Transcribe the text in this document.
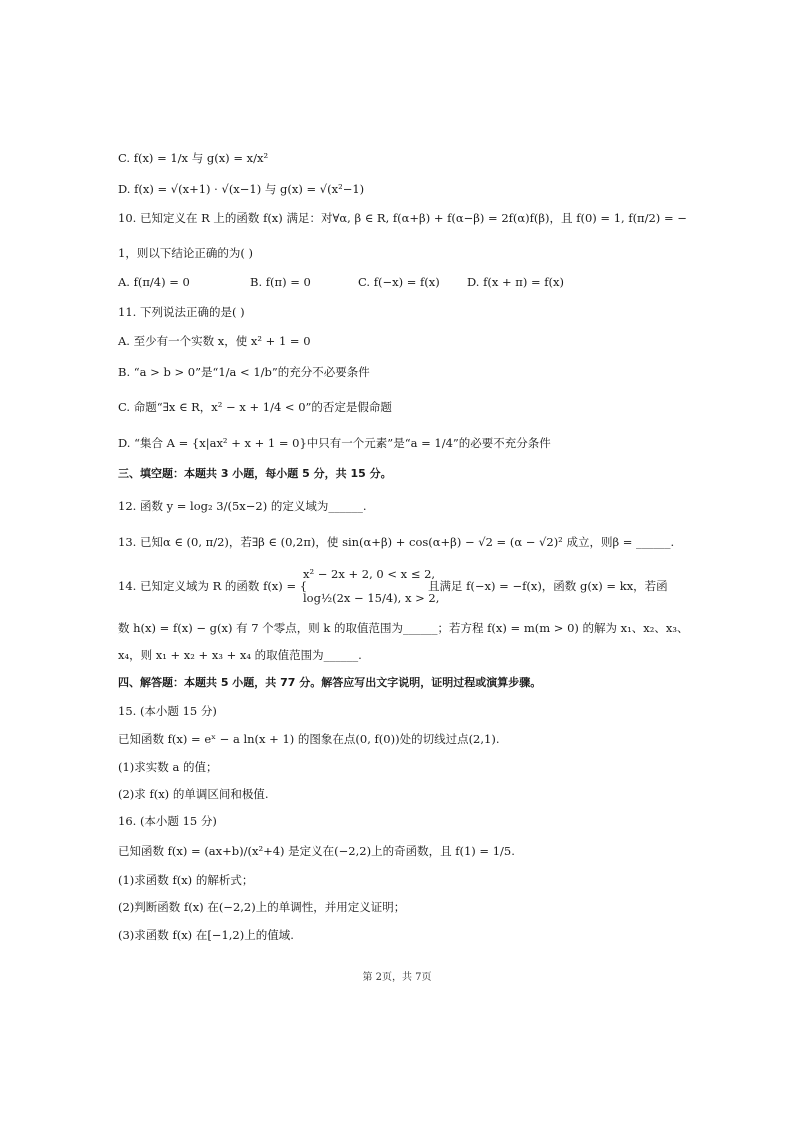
C. f(x) = 1/x 与 g(x) = x/x²
D. f(x) = √(x+1) · √(x−1) 与 g(x) = √(x²−1)
10. 已知定义在 R 上的函数 f(x) 满足：对∀α, β ∈ R, f(α+β) + f(α−β) = 2f(α)f(β)，且 f(0) = 1, f(π/2) = −
1，则以下结论正确的为( )
11. 下列说法正确的是( )
A. 至少有一个实数 x，使 x² + 1 = 0
B. “a > b > 0”是“1/a < 1/b”的充分不必要条件
C. 命题“∃x ∈ R，x² − x + 1/4 < 0”的否定是假命题
D. “集合 A = {x|ax² + x + 1 = 0}中只有一个元素”是“a = 1/4”的必要不充分条件
三、填空题：本题共 3 小题，每小题 5 分，共 15 分。
12. 函数 y = log₂ 3/(5x−2) 的定义域为______.
13. 已知α ∈ (0, π/2)，若∃β ∈ (0,2π)，使 sin(α+β) + cos(α+β) − √2 = (α − √2)² 成立，则β = ______.
x² − 2x + 2, 0 < x ≤ 2,
14. 已知定义域为 R 的函数 f(x) = {	且满足 f(−x) = −f(x)，函数 g(x) = kx，若函
log½(2x − 15/4), x > 2,
数 h(x) = f(x) − g(x) 有 7 个零点，则 k 的取值范围为______；若方程 f(x) = m(m > 0) 的解为 x₁、x₂、x₃、
x₄，则 x₁ + x₂ + x₃ + x₄ 的取值范围为______.
四、解答题：本题共 5 小题，共 77 分。解答应写出文字说明，证明过程或演算步骤。
15. (本小题 15 分)
已知函数 f(x) = eˣ − a ln(x + 1) 的图象在点(0, f(0))处的切线过点(2,1).
(1)求实数 a 的值；
(2)求 f(x) 的单调区间和极值.
16. (本小题 15 分)
已知函数 f(x) = (ax+b)/(x²+4) 是定义在(−2,2)上的奇函数，且 f(1) = 1/5.
(1)求函数 f(x) 的解析式；
(2)判断函数 f(x) 在(−2,2)上的单调性，并用定义证明；
(3)求函数 f(x) 在[−1,2)上的值域.
A. f(π/4) = 0	B. f(π) = 0	C. f(−x) = f(x) D. f(x + π) = f(x)
第 2页，共 7页
